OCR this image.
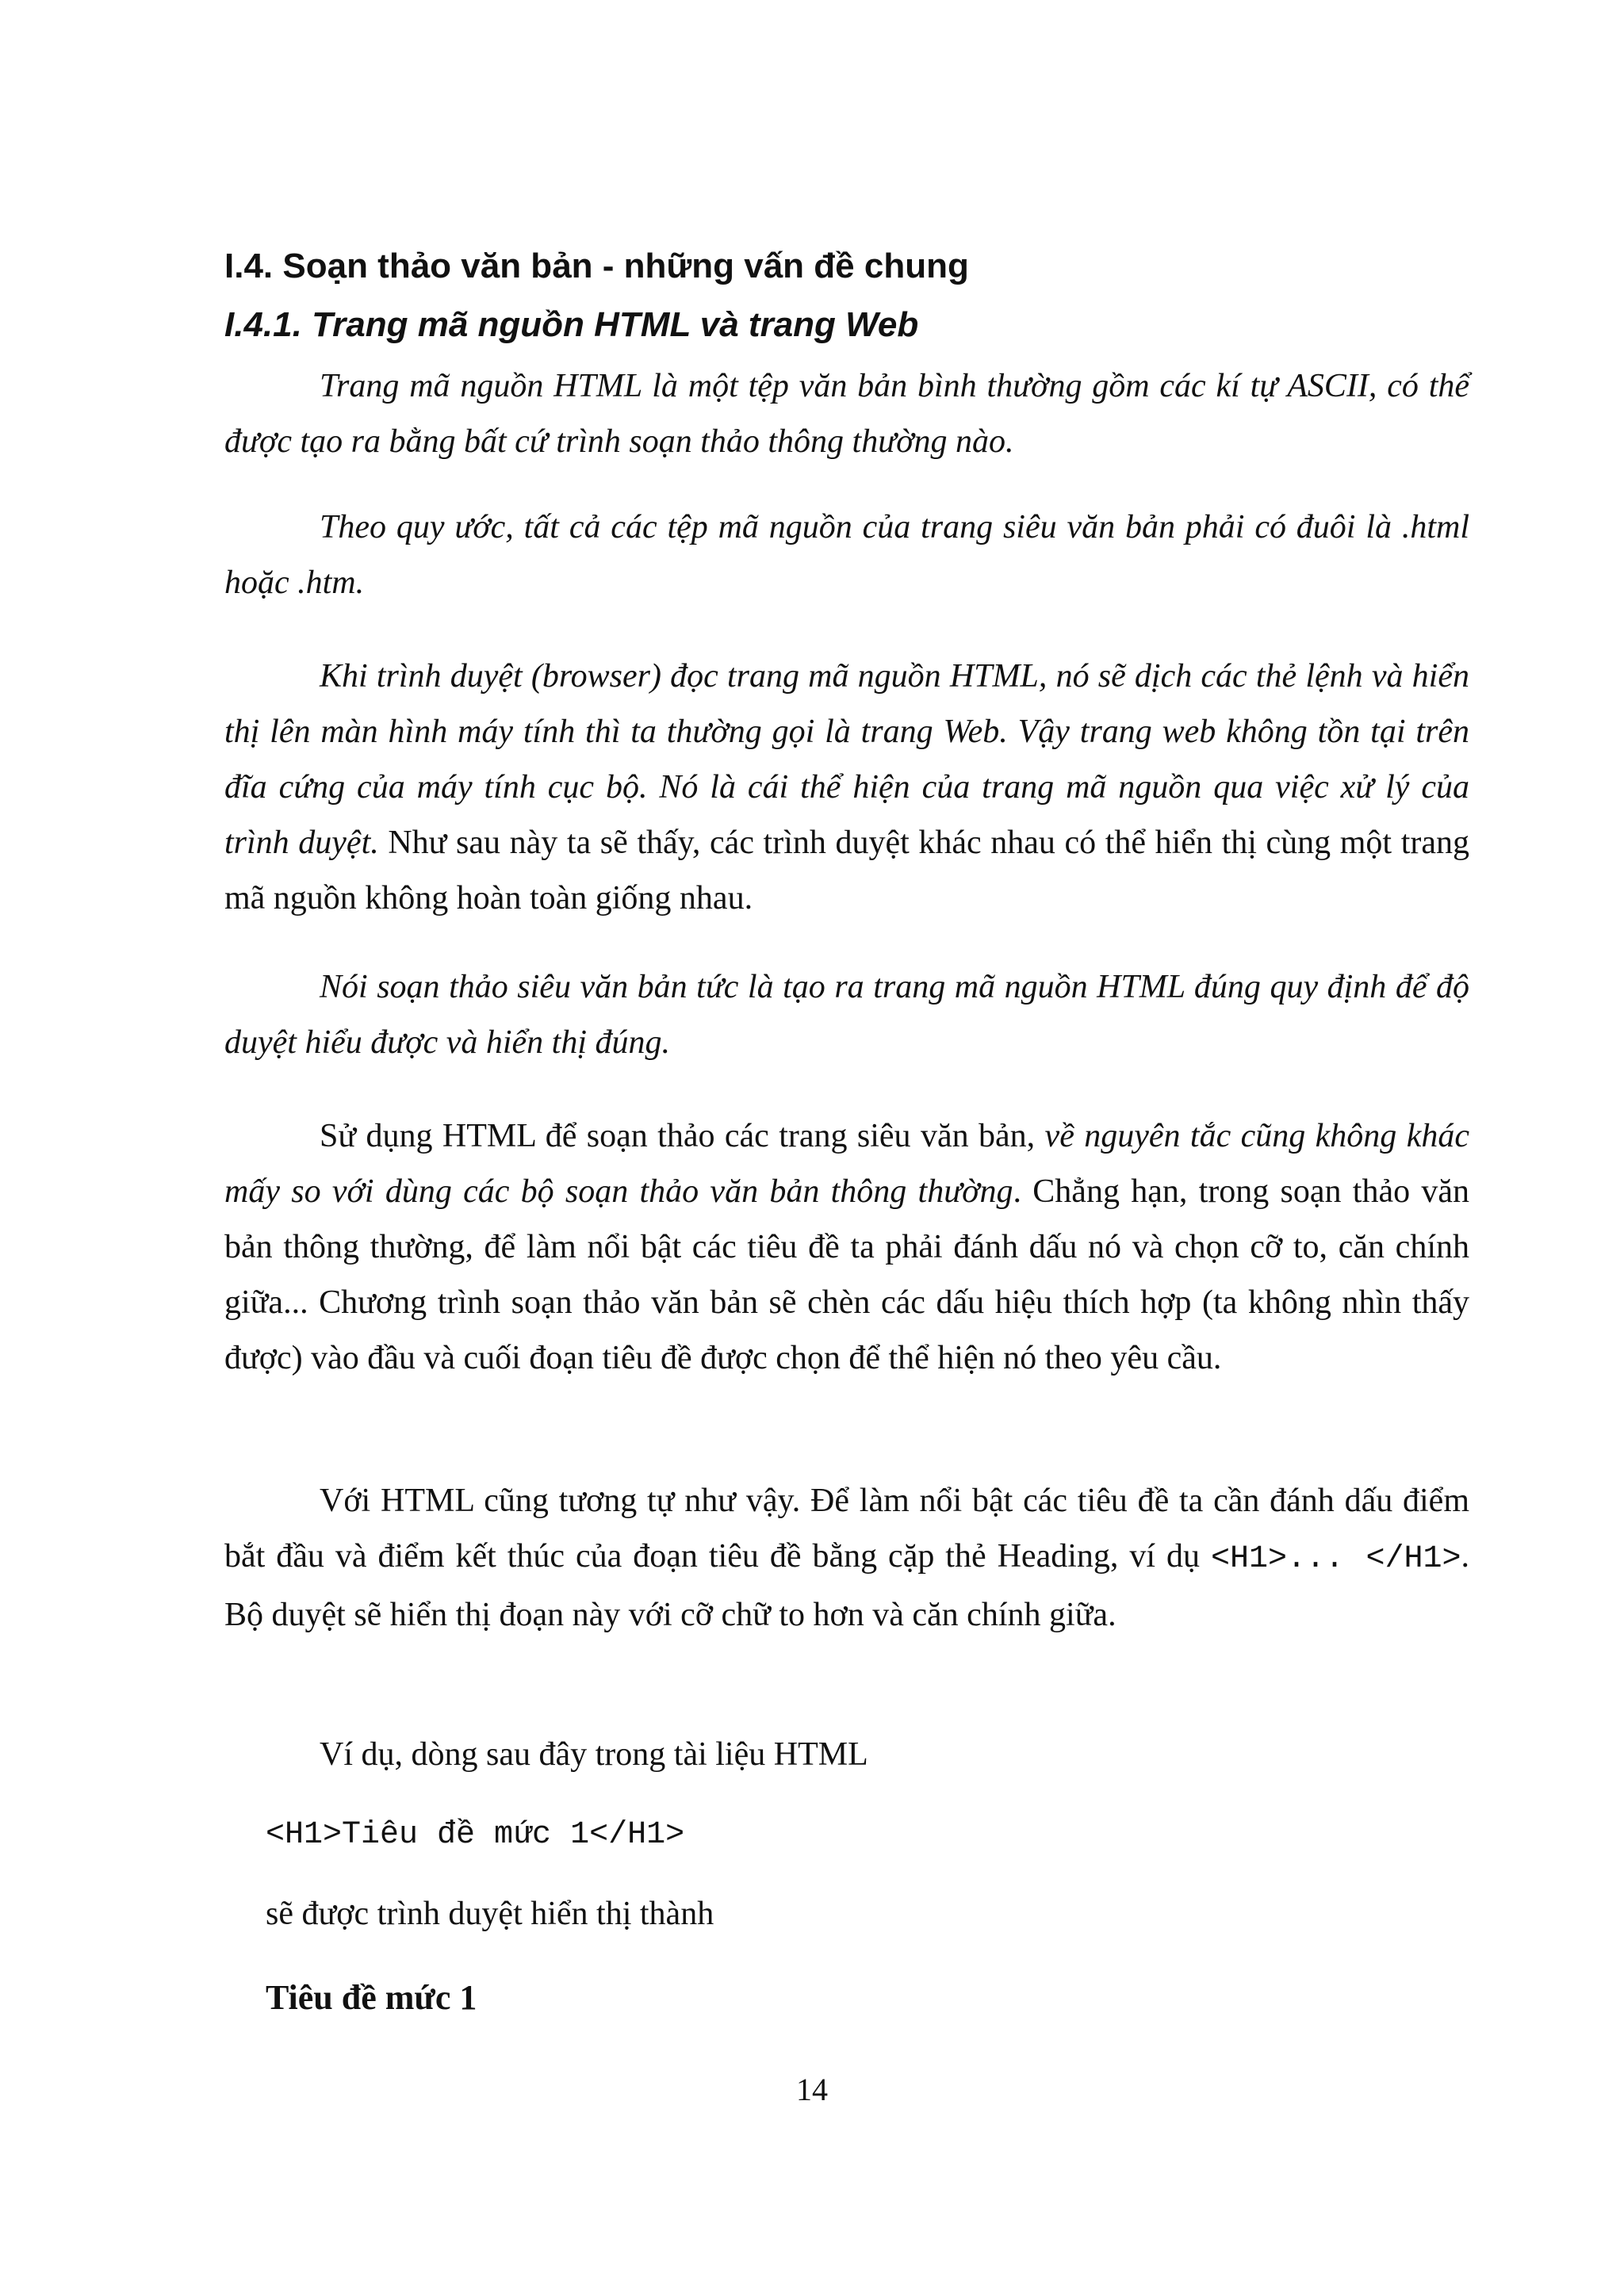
I.4. Soạn thảo văn bản - những vấn đề chung
I.4.1. Trang mã nguồn HTML và trang Web

Trang mã nguồn HTML là một tệp văn bản bình thường gồm các kí tự ASCII, có thể được tạo ra bằng bất cứ trình soạn thảo thông thường nào.

Theo quy ước, tất cả các tệp mã nguồn của trang siêu văn bản phải có đuôi là .html hoặc .htm.

Khi trình duyệt (browser) đọc trang mã nguồn HTML, nó sẽ dịch các thẻ lệnh và hiển thị lên màn hình máy tính thì ta thường gọi là trang Web. Vậy trang web không tồn tại trên đĩa cứng của máy tính cục bộ. Nó là cái thể hiện của trang mã nguồn qua việc xử lý của trình duyệt. Như sau này ta sẽ thấy, các trình duyệt khác nhau có thể hiển thị cùng một trang mã nguồn không hoàn toàn giống nhau.

Nói soạn thảo siêu văn bản tức là tạo ra trang mã nguồn HTML đúng quy định để độ duyệt hiểu được và hiển thị đúng.

Sử dụng HTML để soạn thảo các trang siêu văn bản, về nguyên tắc cũng không khác mấy so với dùng các bộ soạn thảo văn bản thông thường. Chẳng hạn, trong soạn thảo văn bản thông thường, để làm nổi bật các tiêu đề ta phải đánh dấu nó và chọn cỡ to, căn chính giữa... Chương trình soạn thảo văn bản sẽ chèn các dấu hiệu thích hợp (ta không nhìn thấy được) vào đầu và cuối đoạn tiêu đề được chọn để thể hiện nó theo yêu cầu.

Với HTML cũng tương tự như vậy. Để làm nổi bật các tiêu đề ta cần đánh dấu điểm bắt đầu và điểm kết thúc của đoạn tiêu đề bằng cặp thẻ Heading, ví dụ <H1>... </H1>. Bộ duyệt sẽ hiển thị đoạn này với cỡ chữ to hơn và căn chính giữa.

Ví dụ, dòng sau đây trong tài liệu HTML

<H1>Tiêu đề mức 1</H1>
sẽ được trình duyệt hiển thị thành
Tiêu đề mức 1
14
